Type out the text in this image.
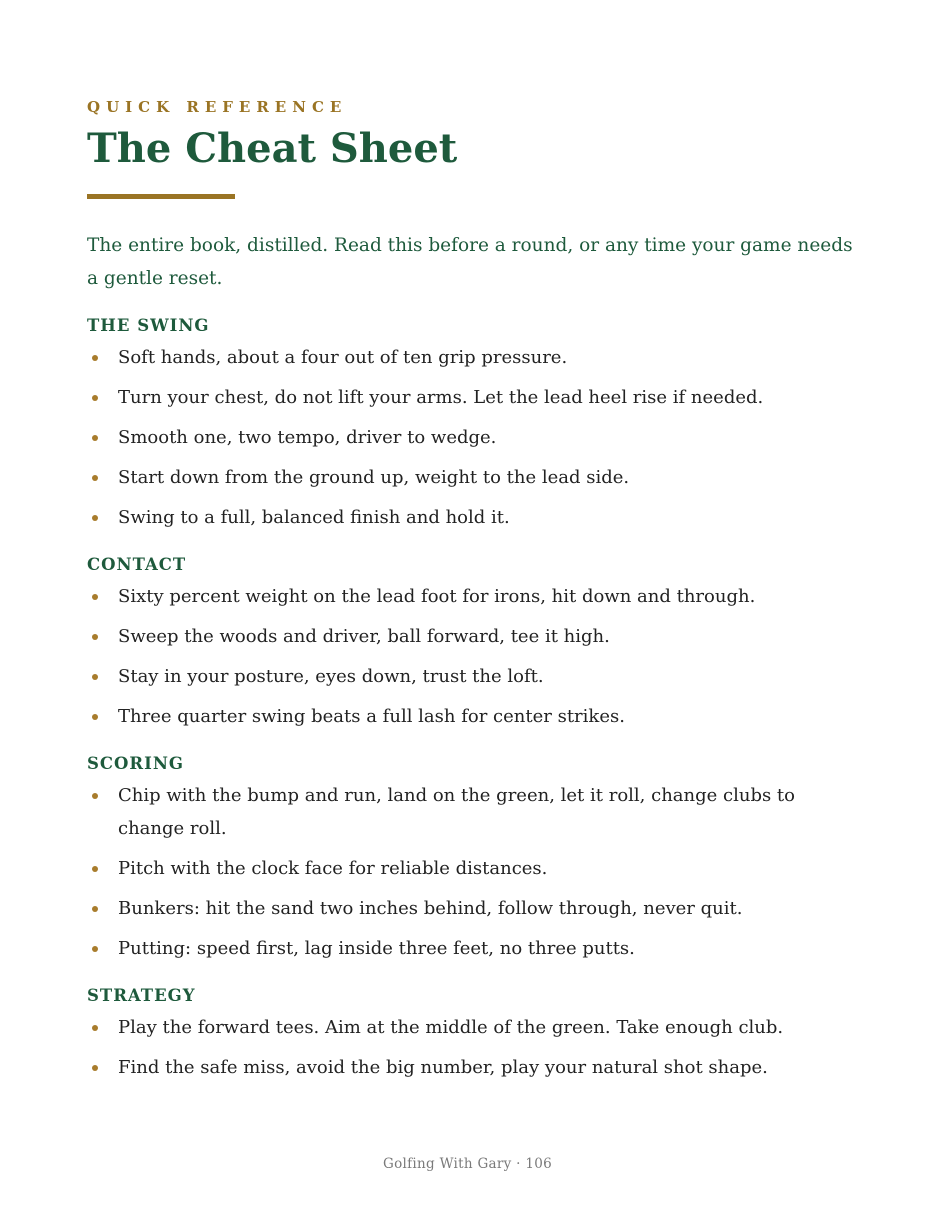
QUICK REFERENCE

The Cheat Sheet

The entire book, distilled. Read this before a round, or any time your game needs a gentle reset.

THE SWING
Soft hands, about a four out of ten grip pressure.
Turn your chest, do not lift your arms. Let the lead heel rise if needed.
Smooth one, two tempo, driver to wedge.
Start down from the ground up, weight to the lead side.
Swing to a full, balanced finish and hold it.
CONTACT
Sixty percent weight on the lead foot for irons, hit down and through.
Sweep the woods and driver, ball forward, tee it high.
Stay in your posture, eyes down, trust the loft.
Three quarter swing beats a full lash for center strikes.
SCORING
Chip with the bump and run, land on the green, let it roll, change clubs to change roll.
Pitch with the clock face for reliable distances.
Bunkers: hit the sand two inches behind, follow through, never quit.
Putting: speed first, lag inside three feet, no three putts.
STRATEGY
Play the forward tees. Aim at the middle of the green. Take enough club.
Find the safe miss, avoid the big number, play your natural shot shape.
Golfing With Gary · 106
